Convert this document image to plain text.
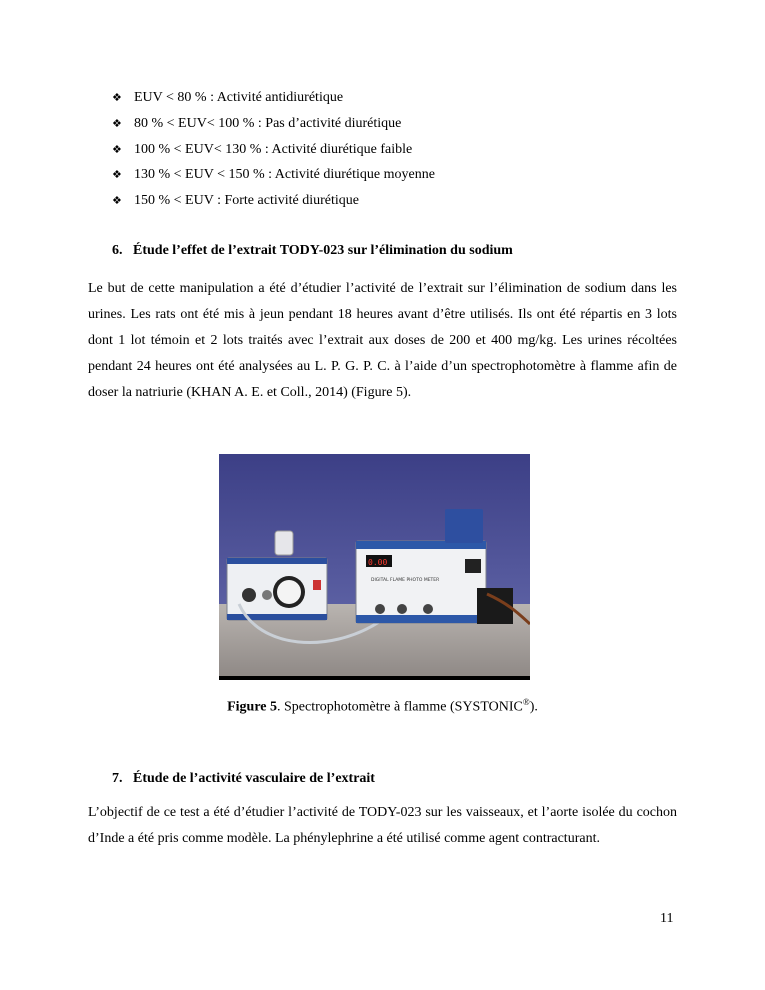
❖ EUV < 80 % : Activité antidiurétique
❖ 80 % < EUV< 100 % : Pas d’activité diurétique
❖ 100 % < EUV< 130 % : Activité diurétique faible
❖ 130 % < EUV < 150 % : Activité diurétique moyenne
❖ 150 % < EUV : Forte activité diurétique
6. Étude l’effet de l’extrait TODY-023 sur l’élimination du sodium

Le but de cette manipulation a été d’étudier l’activité de l’extrait sur l’élimination de sodium dans les urines. Les rats ont été mis à jeun pendant 18 heures avant d’être utilisés. Ils ont été répartis en 3 lots dont 1 lot témoin et 2 lots traités avec l’extrait aux doses de 200 et 400 mg/kg. Les urines récoltées pendant 24 heures ont été analysées au L. P. G. P. C. à l’aide d’un spectrophotomètre à flamme afin de doser la natriurie (KHAN A. E. et Coll., 2014) (Figure 5).

0.00
DIGITAL FLAME PHOTO METER
Figure 5. Spectrophotomètre à flamme (SYSTONIC®).
7. Étude de l’activité vasculaire de l’extrait

L’objectif de ce test a été d’étudier l’activité de TODY-023 sur les vaisseaux, et l’aorte isolée du cochon d’Inde a été pris comme modèle. La phénylephrine a été utilisé comme agent contracturant.

11
